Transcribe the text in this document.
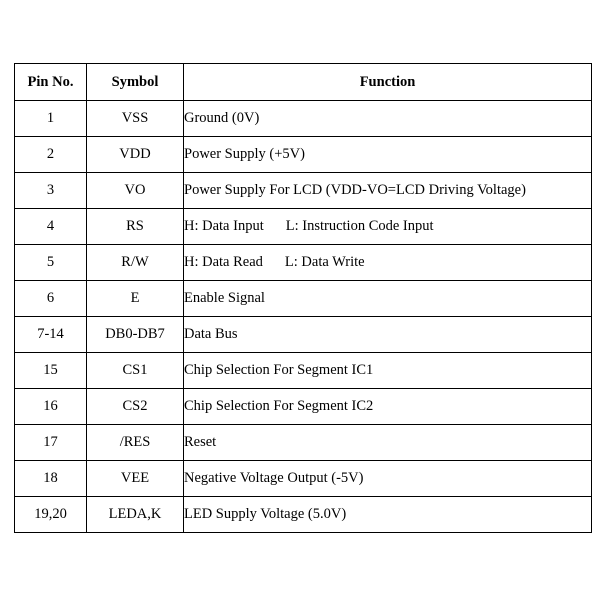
Pin No.	Symbol	Function
1	VSS	Ground (0V)
2	VDD	Power Supply (+5V)
3	VO	Power Supply For LCD (VDD-VO=LCD Driving Voltage)
4	RS	H: Data Input L: Instruction Code Input
5	R/W	H: Data Read L: Data Write
6	E	Enable Signal
7-14	DB0-DB7	Data Bus
15	CS1	Chip Selection For Segment IC1
16	CS2	Chip Selection For Segment IC2
17	/RES	Reset
18	VEE	Negative Voltage Output (-5V)
19,20	LEDA,K	LED Supply Voltage (5.0V)
